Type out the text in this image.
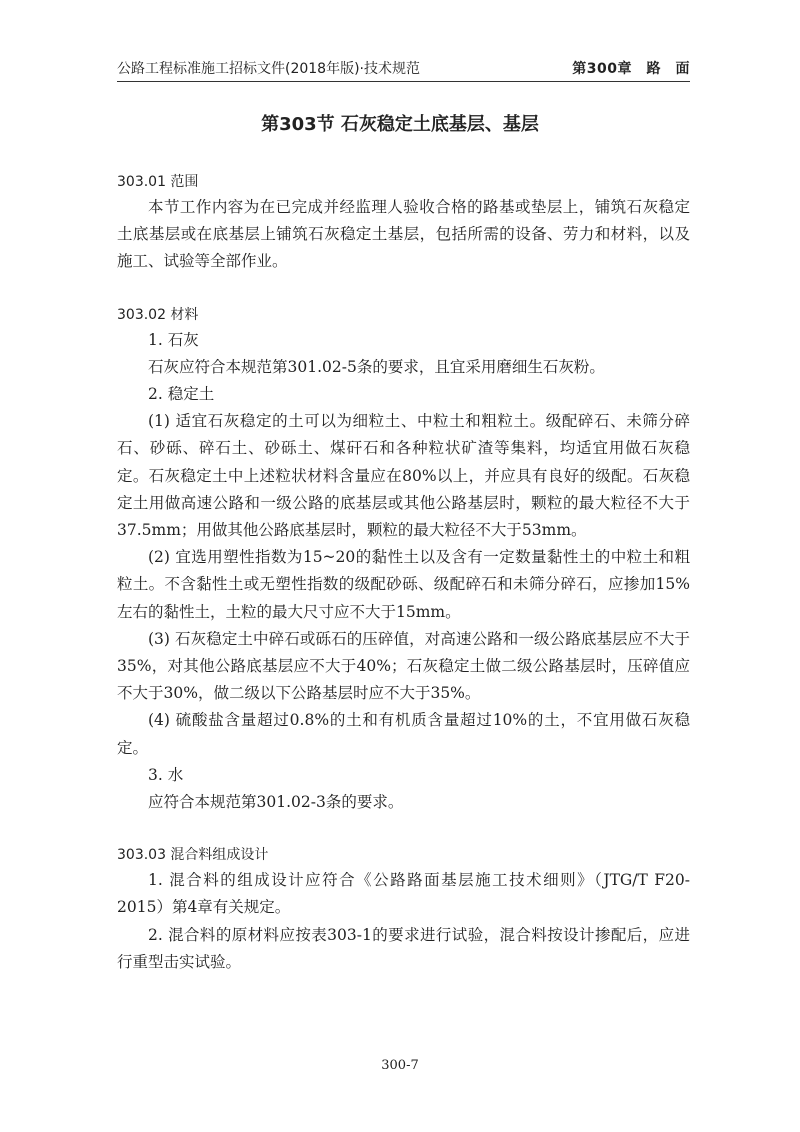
公路工程标准施工招标文件(2018年版)·技术规范	第300章　路　面
第303节 石灰稳定土底基层、基层
303.01 范围

本节工作内容为在已完成并经监理人验收合格的路基或垫层上，铺筑石灰稳定土底基层或在底基层上铺筑石灰稳定土基层，包括所需的设备、劳力和材料，以及施工、试验等全部作业。

303.02 材料

1. 石灰

石灰应符合本规范第301.02-5条的要求，且宜采用磨细生石灰粉。

2. 稳定土

(1) 适宜石灰稳定的土可以为细粒土、中粒土和粗粒土。级配碎石、未筛分碎石、砂砾、碎石土、砂砾土、煤矸石和各种粒状矿渣等集料，均适宜用做石灰稳定。石灰稳定土中上述粒状材料含量应在80%以上，并应具有良好的级配。石灰稳定土用做高速公路和一级公路的底基层或其他公路基层时，颗粒的最大粒径不大于37.5mm；用做其他公路底基层时，颗粒的最大粒径不大于53mm。

(2) 宜选用塑性指数为15~20的黏性土以及含有一定数量黏性土的中粒土和粗粒土。不含黏性土或无塑性指数的级配砂砾、级配碎石和未筛分碎石，应掺加15%左右的黏性土，土粒的最大尺寸应不大于15mm。

(3) 石灰稳定土中碎石或砾石的压碎值，对高速公路和一级公路底基层应不大于35%，对其他公路底基层应不大于40%；石灰稳定土做二级公路基层时，压碎值应不大于30%，做二级以下公路基层时应不大于35%。

(4) 硫酸盐含量超过0.8%的土和有机质含量超过10%的土，不宜用做石灰稳定。

3. 水

应符合本规范第301.02-3条的要求。

303.03 混合料组成设计

1. 混合料的组成设计应符合《公路路面基层施工技术细则》（JTG/T F20-2015）第4章有关规定。

2. 混合料的原材料应按表303-1的要求进行试验，混合料按设计掺配后，应进行重型击实试验。

300-7
